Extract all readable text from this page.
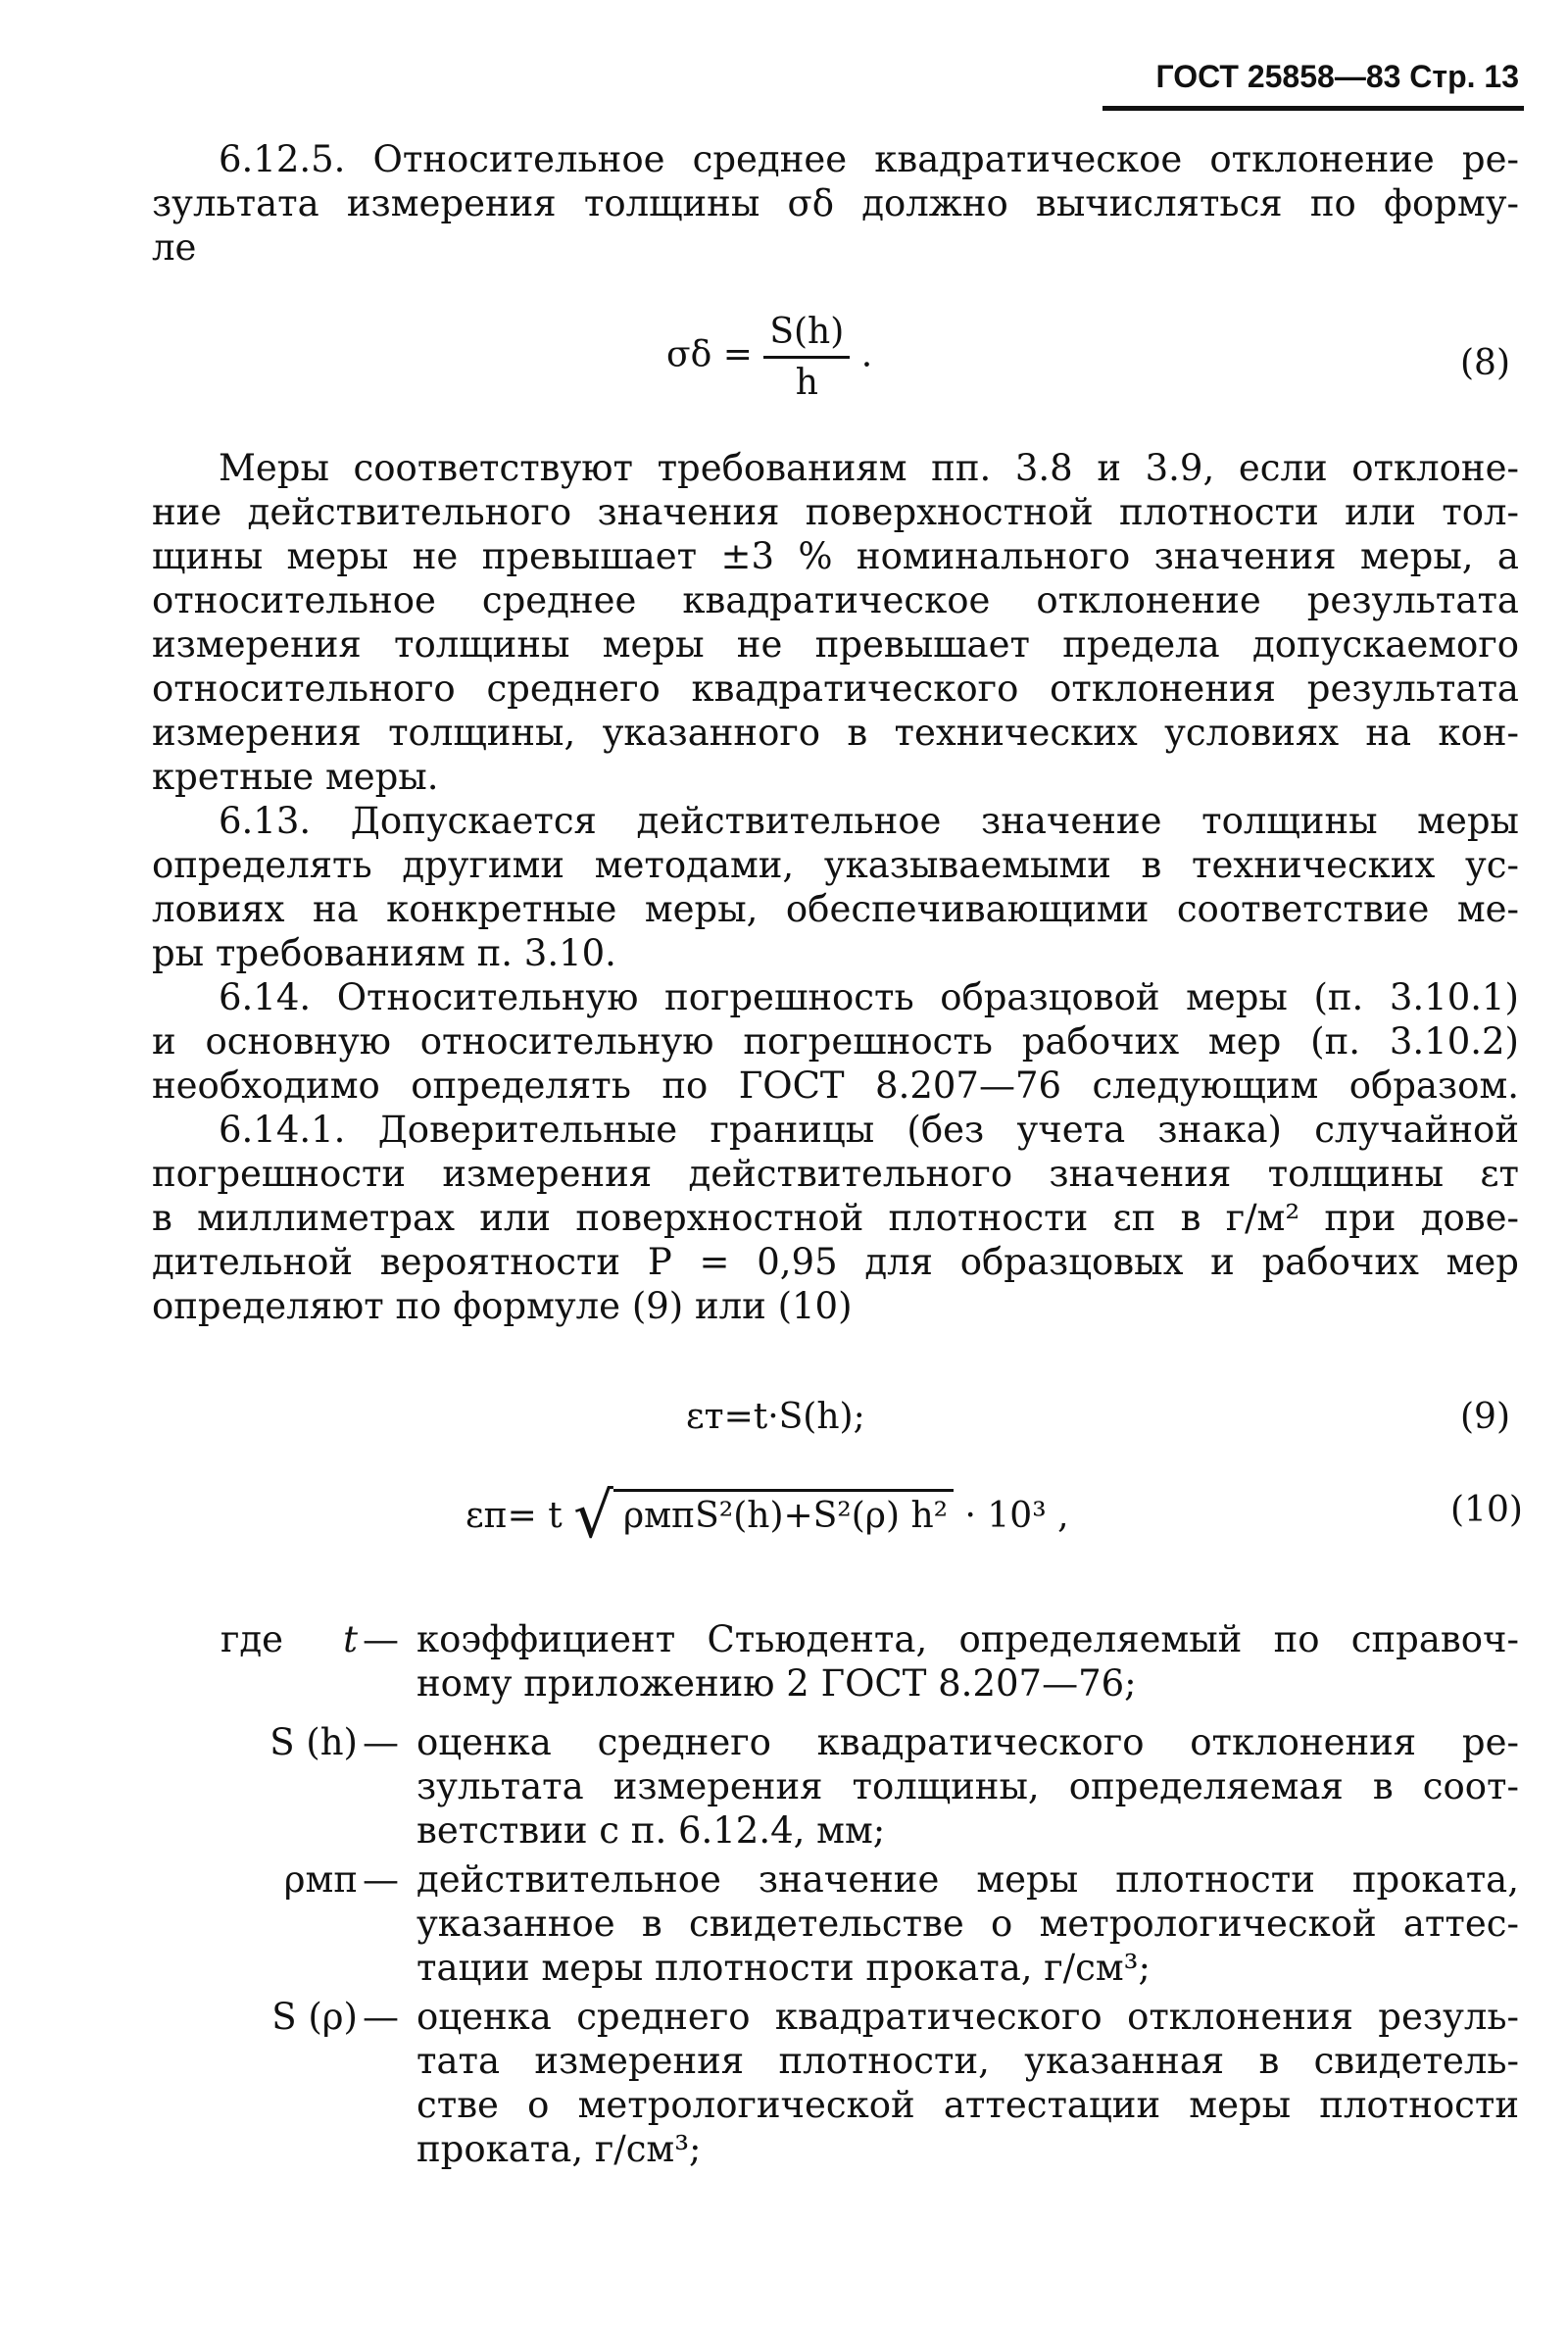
ГОСТ 25858—83 Стр. 13
6.12.5. Относительное среднее квадратическое отклонение ре-
зультата измерения толщины σδ должно вычисляться по форму-
ле
$\sigma\delta = \frac{S(h)}{h}$ .	(8)
Меры соответствуют требованиям пп. 3.8 и 3.9, если отклоне-
ние действительного значения поверхностной плотности или тол-
щины меры не превышает ±3 % номинального значения меры, а
относительное среднее квадратическое отклонение результата
измерения толщины меры не превышает предела допускаемого
относительного среднего квадратического отклонения результата
измерения толщины, указанного в технических условиях на кон-
кретные меры.
6.13. Допускается действительное значение толщины меры
определять другими методами, указываемыми в технических ус-
ловиях на конкретные меры, обеспечивающими соответствие ме-
ры требованиям п. 3.10.
6.14. Относительную погрешность образцовой меры (п. 3.10.1)
и основную относительную погрешность рабочих мер (п. 3.10.2)
необходимо определять по ГОСТ 8.207—76 следующим образом.
6.14.1. Доверительные границы (без учета знака) случайной
погрешности измерения действительного значения толщины εт
в миллиметрах или поверхностной плотности εп в г/м² при дове-
дительной вероятности P = 0,95 для образцовых и рабочих мер
определяют по формуле (9) или (10)
εт=t·S(h);	(9)
εп= t √ ρмпS²(h)+S²(ρ) h² · 10³ ,	(10)
где	t — коэффициент Стьюдента, определяемый по справоч-
ному приложению 2 ГОСТ 8.207—76;
S (h) — оценка среднего квадратического отклонения ре-
зультата измерения толщины, определяемая в соот-
ветствии с п. 6.12.4, мм;
ρмп — действительное значение меры плотности проката,
указанное в свидетельстве о метрологической аттес-
тации меры плотности проката, г/см³;
S (ρ) — оценка среднего квадратического отклонения резуль-
тата измерения плотности, указанная в свидетель-
стве о метрологической аттестации меры плотности
проката, г/см³;
